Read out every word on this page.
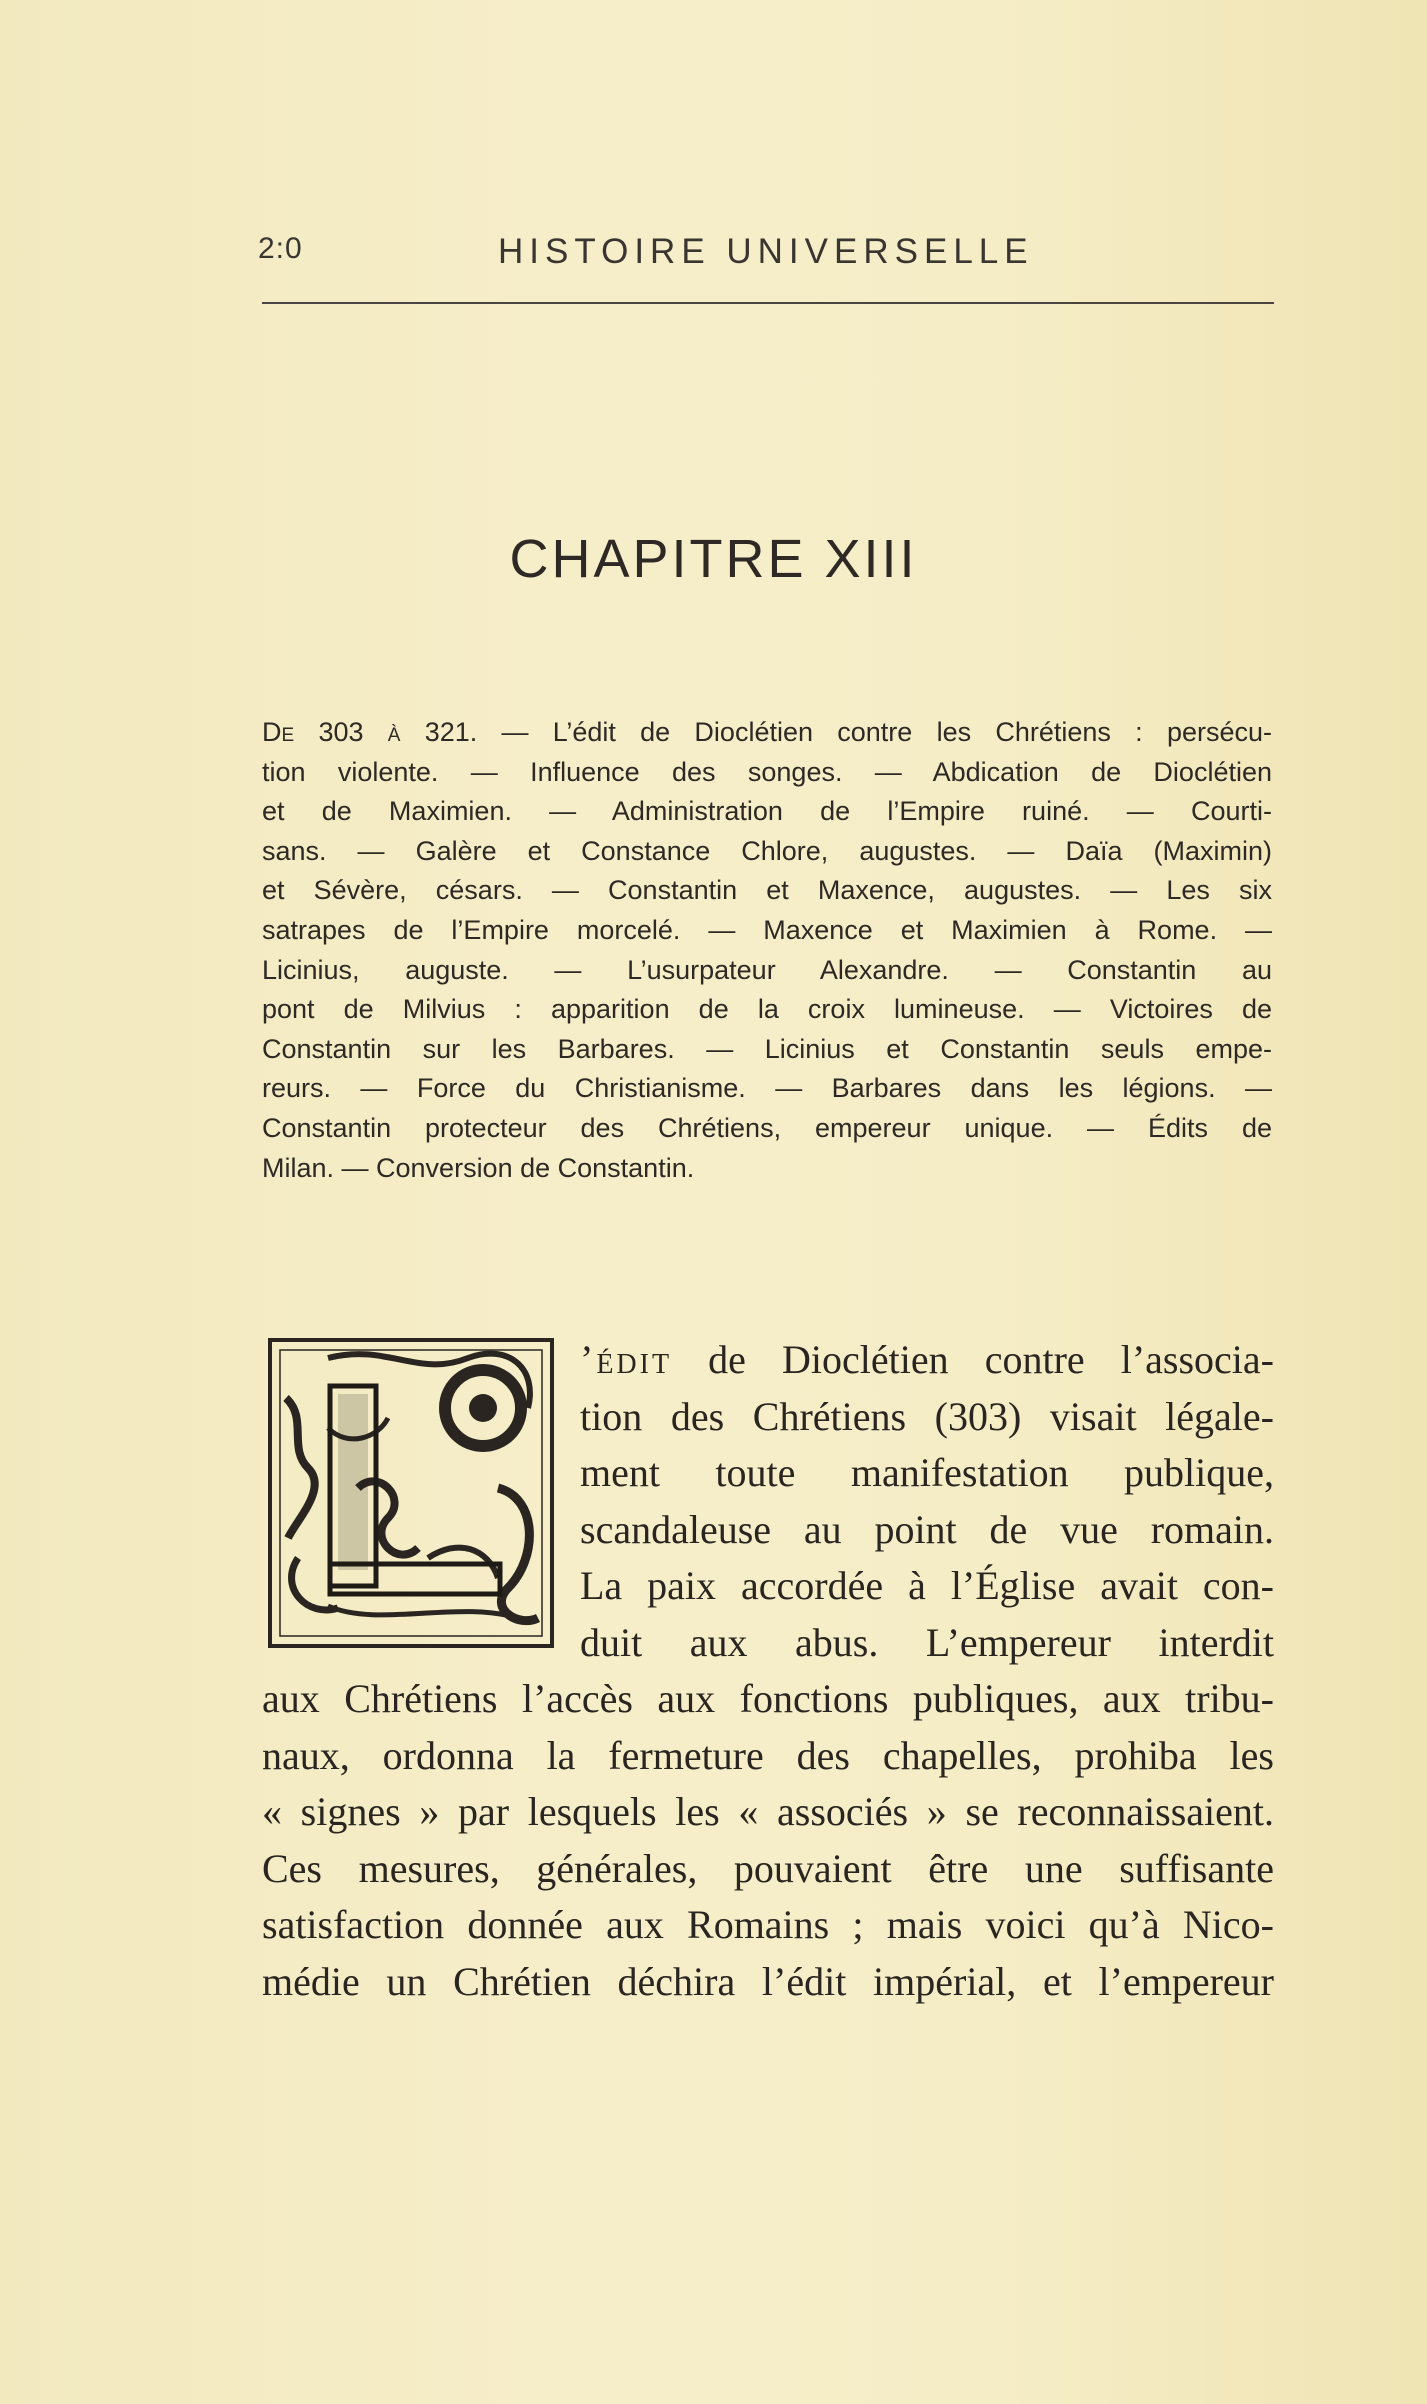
2:0	HISTOIRE UNIVERSELLE
CHAPITRE XIII
De 303 à 321. — L’édit de Dioclétien contre les Chrétiens : persécu-
tion violente. — Influence des songes. — Abdication de Dioclétien
et de Maximien. — Administration de l’Empire ruiné. — Courti-
sans. — Galère et Constance Chlore, augustes. — Daïa (Maximin)
et Sévère, césars. — Constantin et Maxence, augustes. — Les six
satrapes de l’Empire morcelé. — Maxence et Maximien à Rome. —
Licinius, auguste. — L’usurpateur Alexandre. — Constantin au
pont de Milvius : apparition de la croix lumineuse. — Victoires de
Constantin sur les Barbares. — Licinius et Constantin seuls empe-
reurs. — Force du Christianisme. — Barbares dans les légions. —
Constantin protecteur des Chrétiens, empereur unique. — Édits de
Milan. — Conversion de Constantin.
’édit de Dioclétien contre l’associa-
tion des Chrétiens (303) visait légale-
ment toute manifestation publique,
scandaleuse au point de vue romain.
La paix accordée à l’Église avait con-
duit aux abus. L’empereur interdit
aux Chrétiens l’accès aux fonctions publiques, aux tribu-
naux, ordonna la fermeture des chapelles, prohiba les
« signes » par lesquels les « associés » se reconnaissaient.
Ces mesures, générales, pouvaient être une suffisante
satisfaction donnée aux Romains ; mais voici qu’à Nico-
médie un Chrétien déchira l’édit impérial, et l’empereur
